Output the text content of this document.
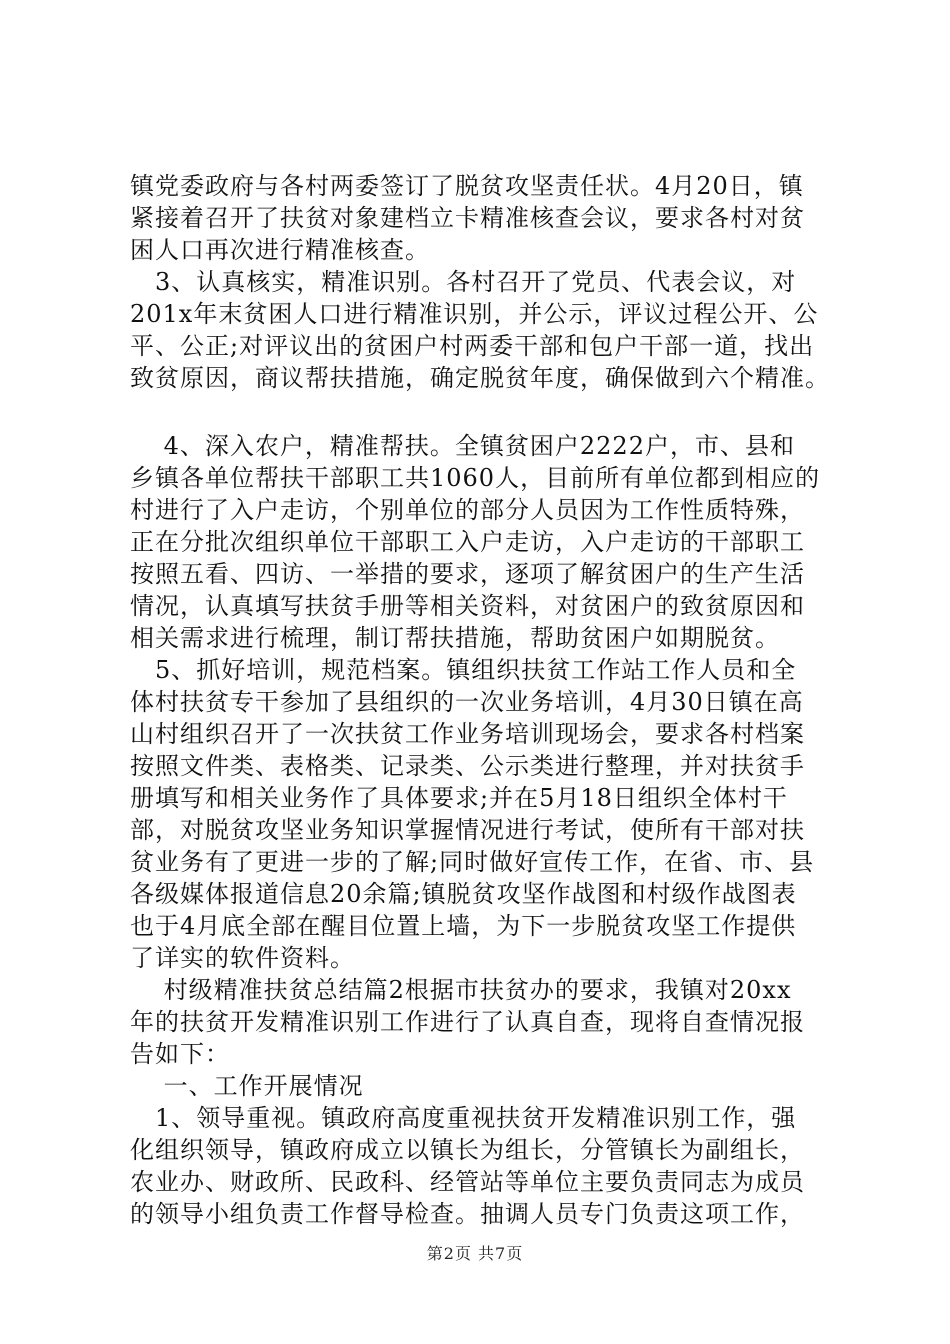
镇党委政府与各村两委签订了脱贫攻坚责任状。4月20日，镇
紧接着召开了扶贫对象建档立卡精准核查会议，要求各村对贫
困人口再次进行精准核查。
　3、认真核实，精准识别。各村召开了党员、代表会议，对
201x年末贫困人口进行精准识别，并公示，评议过程公开、公
平、公正;对评议出的贫困户村两委干部和包户干部一道，找出
致贫原因，商议帮扶措施，确定脱贫年度，确保做到六个精准。
　 4、深入农户，精准帮扶。全镇贫困户2222户，市、县和
乡镇各单位帮扶干部职工共1060人，目前所有单位都到相应的
村进行了入户走访，个别单位的部分人员因为工作性质特殊，
正在分批次组织单位干部职工入户走访，入户走访的干部职工
按照五看、四访、一举措的要求，逐项了解贫困户的生产生活
情况，认真填写扶贫手册等相关资料，对贫困户的致贫原因和
相关需求进行梳理，制订帮扶措施，帮助贫困户如期脱贫。
　5、抓好培训，规范档案。镇组织扶贫工作站工作人员和全
体村扶贫专干参加了县组织的一次业务培训，4月30日镇在高
山村组织召开了一次扶贫工作业务培训现场会，要求各村档案
按照文件类、表格类、记录类、公示类进行整理，并对扶贫手
册填写和相关业务作了具体要求;并在5月18日组织全体村干
部，对脱贫攻坚业务知识掌握情况进行考试，使所有干部对扶
贫业务有了更进一步的了解;同时做好宣传工作，在省、市、县
各级媒体报道信息20余篇;镇脱贫攻坚作战图和村级作战图表
也于4月底全部在醒目位置上墙，为下一步脱贫攻坚工作提供
了详实的软件资料。
　 村级精准扶贫总结篇2根据市扶贫办的要求，我镇对20xx
年的扶贫开发精准识别工作进行了认真自查，现将自查情况报
告如下：
　 一、工作开展情况
　1、领导重视。镇政府高度重视扶贫开发精准识别工作，强
化组织领导，镇政府成立以镇长为组长，分管镇长为副组长，
农业办、财政所、民政科、经管站等单位主要负责同志为成员
的领导小组负责工作督导检查。抽调人员专门负责这项工作，
第2页 共7页
